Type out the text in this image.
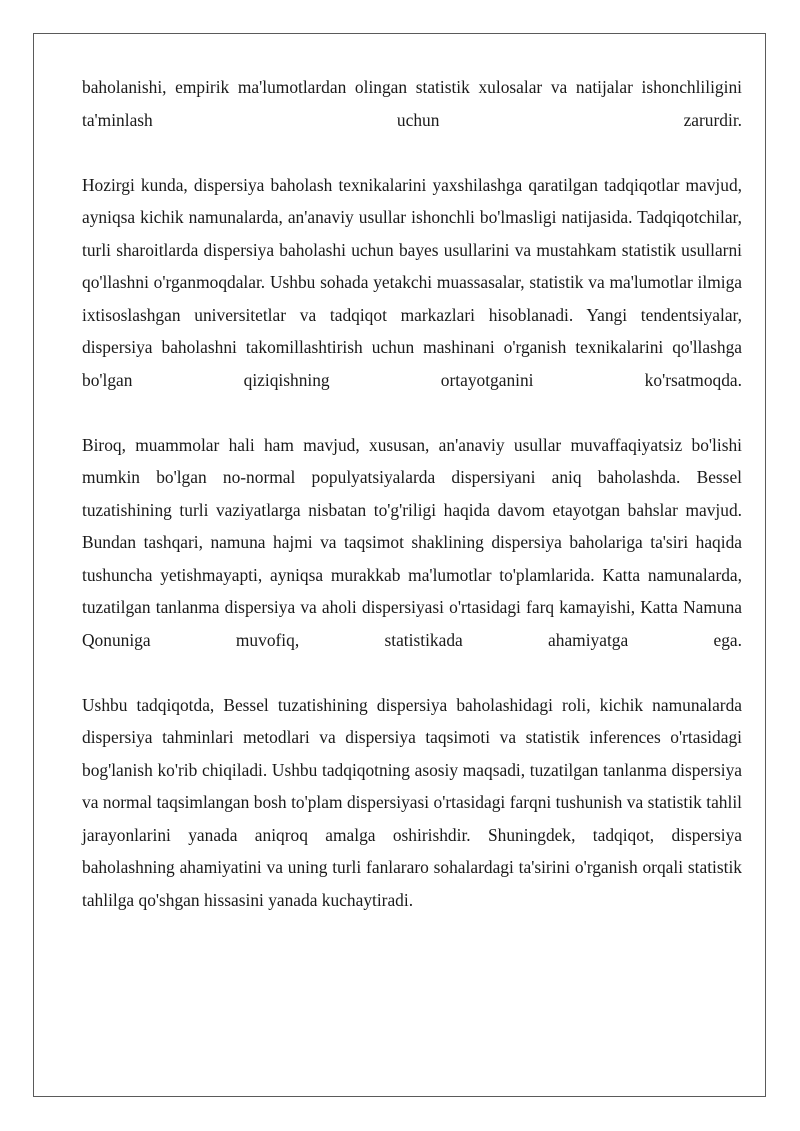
baholanishi, empirik ma'lumotlardan olingan statistik xulosalar va natijalar ishonchliligini ta'minlash uchun zarurdir.

Hozirgi kunda, dispersiya baholash texnikalarini yaxshilashga qaratilgan tadqiqotlar mavjud, ayniqsa kichik namunalarda, an'anaviy usullar ishonchli bo'lmasligi natijasida. Tadqiqotchilar, turli sharoitlarda dispersiya baholashi uchun bayes usullarini va mustahkam statistik usullarni qo'llashni o'rganmoqdalar. Ushbu sohada yetakchi muassasalar, statistik va ma'lumotlar ilmiga ixtisoslashgan universitetlar va tadqiqot markazlari hisoblanadi. Yangi tendentsiyalar, dispersiya baholashni takomillashtirish uchun mashinani o'rganish texnikalarini qo'llashga bo'lgan qiziqishning ortayotganini ko'rsatmoqda.

Biroq, muammolar hali ham mavjud, xususan, an'anaviy usullar muvaffaqiyatsiz bo'lishi mumkin bo'lgan no-normal populyatsiyalarda dispersiyani aniq baholashda. Bessel tuzatishining turli vaziyatlarga nisbatan to'g'riligi haqida davom etayotgan bahslar mavjud. Bundan tashqari, namuna hajmi va taqsimot shaklining dispersiya baholariga ta'siri haqida tushuncha yetishmayapti, ayniqsa murakkab ma'lumotlar to'plamlarida. Katta namunalarda, tuzatilgan tanlanma dispersiya va aholi dispersiyasi o'rtasidagi farq kamayishi, Katta Namuna Qonuniga muvofiq, statistikada ahamiyatga ega.

Ushbu tadqiqotda, Bessel tuzatishining dispersiya baholashidagi roli, kichik namunalarda dispersiya tahminlari metodlari va dispersiya taqsimoti va statistik inferences o'rtasidagi bog'lanish ko'rib chiqiladi. Ushbu tadqiqotning asosiy maqsadi, tuzatilgan tanlanma dispersiya va normal taqsimlangan bosh to'plam dispersiyasi o'rtasidagi farqni tushunish va statistik tahlil jarayonlarini yanada aniqroq amalga oshirishdir. Shuningdek, tadqiqot, dispersiya baholashning ahamiyatini va uning turli fanlararo sohalardagi ta'sirini o'rganish orqali statistik tahlilga qo'shgan hissasini yanada kuchaytiradi.
